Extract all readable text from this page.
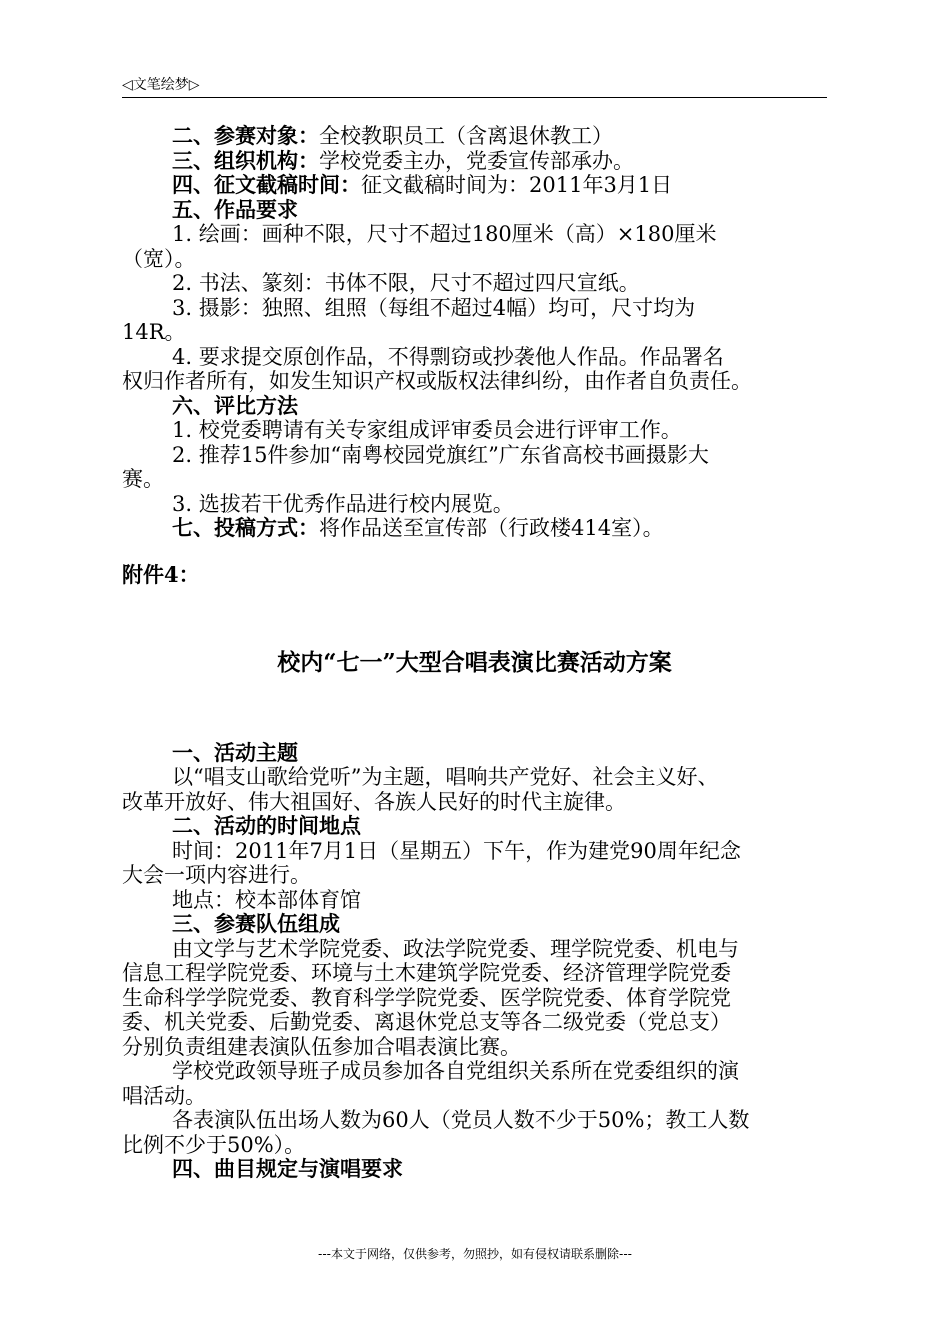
◁文笔绘梦▷
二、参赛对象：全校教职员工（含离退休教工）
三、组织机构：学校党委主办，党委宣传部承办。
四、征文截稿时间：征文截稿时间为：2011年3月1日
五、作品要求
1. 绘画：画种不限，尺寸不超过180厘米（高）×180厘米
（宽）。
2. 书法、篆刻：书体不限，尺寸不超过四尺宣纸。
3. 摄影：独照、组照（每组不超过4幅）均可，尺寸均为
14R。
4. 要求提交原创作品，不得剽窃或抄袭他人作品。作品署名
权归作者所有，如发生知识产权或版权法律纠纷，由作者自负责任。
六、评比方法
1. 校党委聘请有关专家组成评审委员会进行评审工作。
2. 推荐15件参加“南粤校园党旗红”广东省高校书画摄影大
赛。
3. 选拔若干优秀作品进行校内展览。
七、投稿方式：将作品送至宣传部（行政楼414室）。
附件4：
校内“七一”大型合唱表演比赛活动方案
一、活动主题
以“唱支山歌给党听”为主题，唱响共产党好、社会主义好、
改革开放好、伟大祖国好、各族人民好的时代主旋律。
二、活动的时间地点
时间：2011年7月1日（星期五）下午，作为建党90周年纪念
大会一项内容进行。
地点：校本部体育馆
三、参赛队伍组成
由文学与艺术学院党委、政法学院党委、理学院党委、机电与
信息工程学院党委、环境与土木建筑学院党委、经济管理学院党委
生命科学学院党委、教育科学学院党委、医学院党委、体育学院党
委、机关党委、后勤党委、离退休党总支等各二级党委（党总支）
分别负责组建表演队伍参加合唱表演比赛。
学校党政领导班子成员参加各自党组织关系所在党委组织的演
唱活动。
各表演队伍出场人数为60人（党员人数不少于50%；教工人数
比例不少于50%）。
四、曲目规定与演唱要求
---本文于网络，仅供参考，勿照抄，如有侵权请联系删除---
